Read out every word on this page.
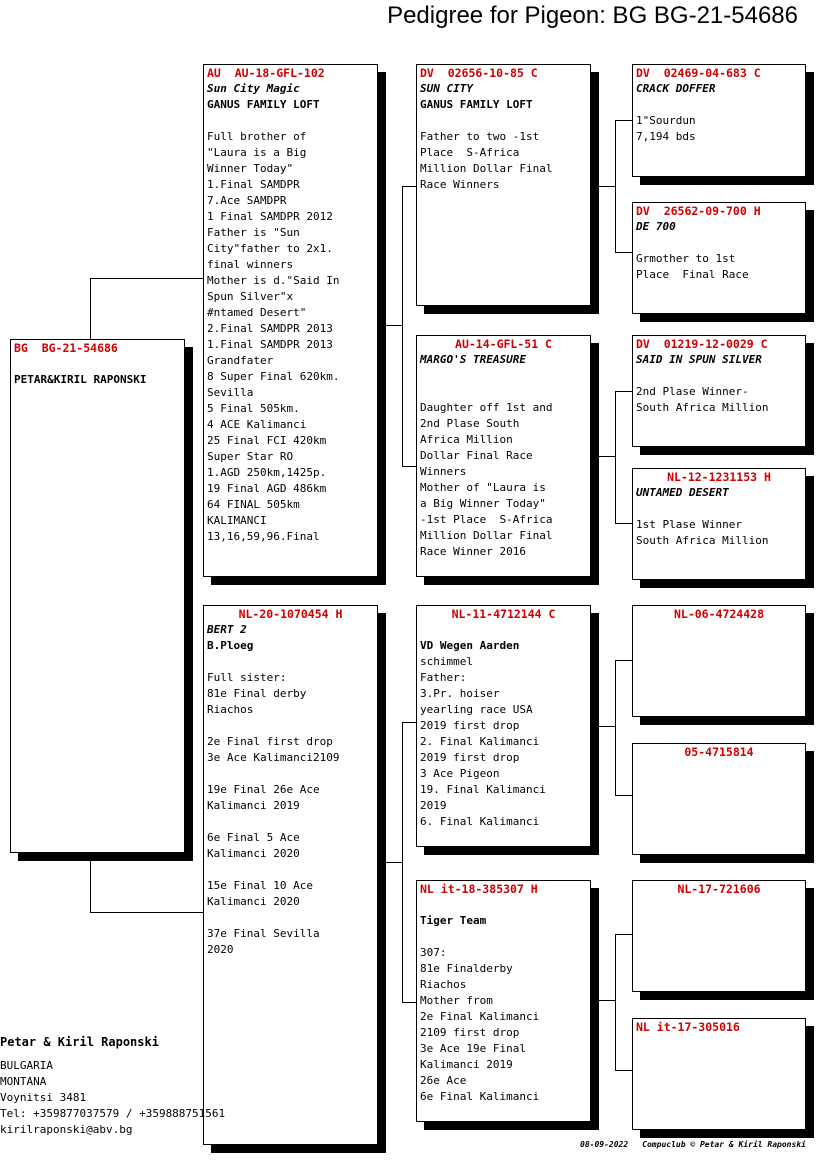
Pedigree for Pigeon: BG BG-21-54686
BG  BG-21-54686
PETAR&KIRIL RAPONSKI
AU  AU-18-GFL-102
Sun City Magic
GANUS FAMILY LOFT
Full brother of
"Laura is a Big
Winner Today"
1.Final SAMDPR
7.Ace SAMDPR
1 Final SAMDPR 2012
Father is "Sun
City"father to 2x1.
final winners
Mother is d."Said In
Spun Silver"x
#ntamed Desert"
2.Final SAMDPR 2013
1.Final SAMDPR 2013
Grandfater
8 Super Final 620km.
Sevilla
5 Final 505km.
4 ACE Kalimanci
25 Final FCI 420km
Super Star RO
1.AGD 250km,1425p.
19 Final AGD 486km
64 FINAL 505km
KALIMANCI
13,16,59,96.Final
NL-20-1070454 H
BERT 2
B.Ploeg
Full sister:
81e Final derby
Riachos
2e Final first drop
3e Ace Kalimanci2109
19e Final 26e Ace
Kalimanci 2019
6e Final 5 Ace
Kalimanci 2020
15e Final 10 Ace
Kalimanci 2020
37e Final Sevilla
2020
DV  02656-10-85 C
SUN CITY
GANUS FAMILY LOFT
Father to two -1st
Place  S-Africa
Million Dollar Final
Race Winners
AU-14-GFL-51 C
MARGO'S TREASURE
Daughter off 1st and
2nd Plase South
Africa Million
Dollar Final Race
Winners
Mother of "Laura is
a Big Winner Today"
-1st Place  S-Africa
Million Dollar Final
Race Winner 2016
NL-11-4712144 C
VD Wegen Aarden
schimmel
Father:
3.Pr. hoiser
yearling race USA
2019 first drop
2. Final Kalimanci
2019 first drop
3 Ace Pigeon
19. Final Kalimanci
2019
6. Final Kalimanci
NL it-18-385307 H
Tiger Team
307:
81e Finalderby
Riachos
Mother from
2e Final Kalimanci
2109 first drop
3e Ace 19e Final
Kalimanci 2019
26e Ace
6e Final Kalimanci
DV  02469-04-683 C
CRACK DOFFER
1"Sourdun
7,194 bds
DV  26562-09-700 H
DE 700
Grmother to 1st
Place  Final Race
DV  01219-12-0029 C
SAID IN SPUN SILVER
2nd Plase Winner-
South Africa Million
NL-12-1231153 H
UNTAMED DESERT
1st Plase Winner
South Africa Million
NL-06-4724428
05-4715814
NL-17-721606
NL it-17-305016
Petar & Kiril Raponski
BULGARIA
MONTANA
Voynitsi 3481
Tel: +359877037579 / +359888751561
kirilraponski@abv.bg
08-09-2022 Compuclub © Petar & Kiril Raponski
